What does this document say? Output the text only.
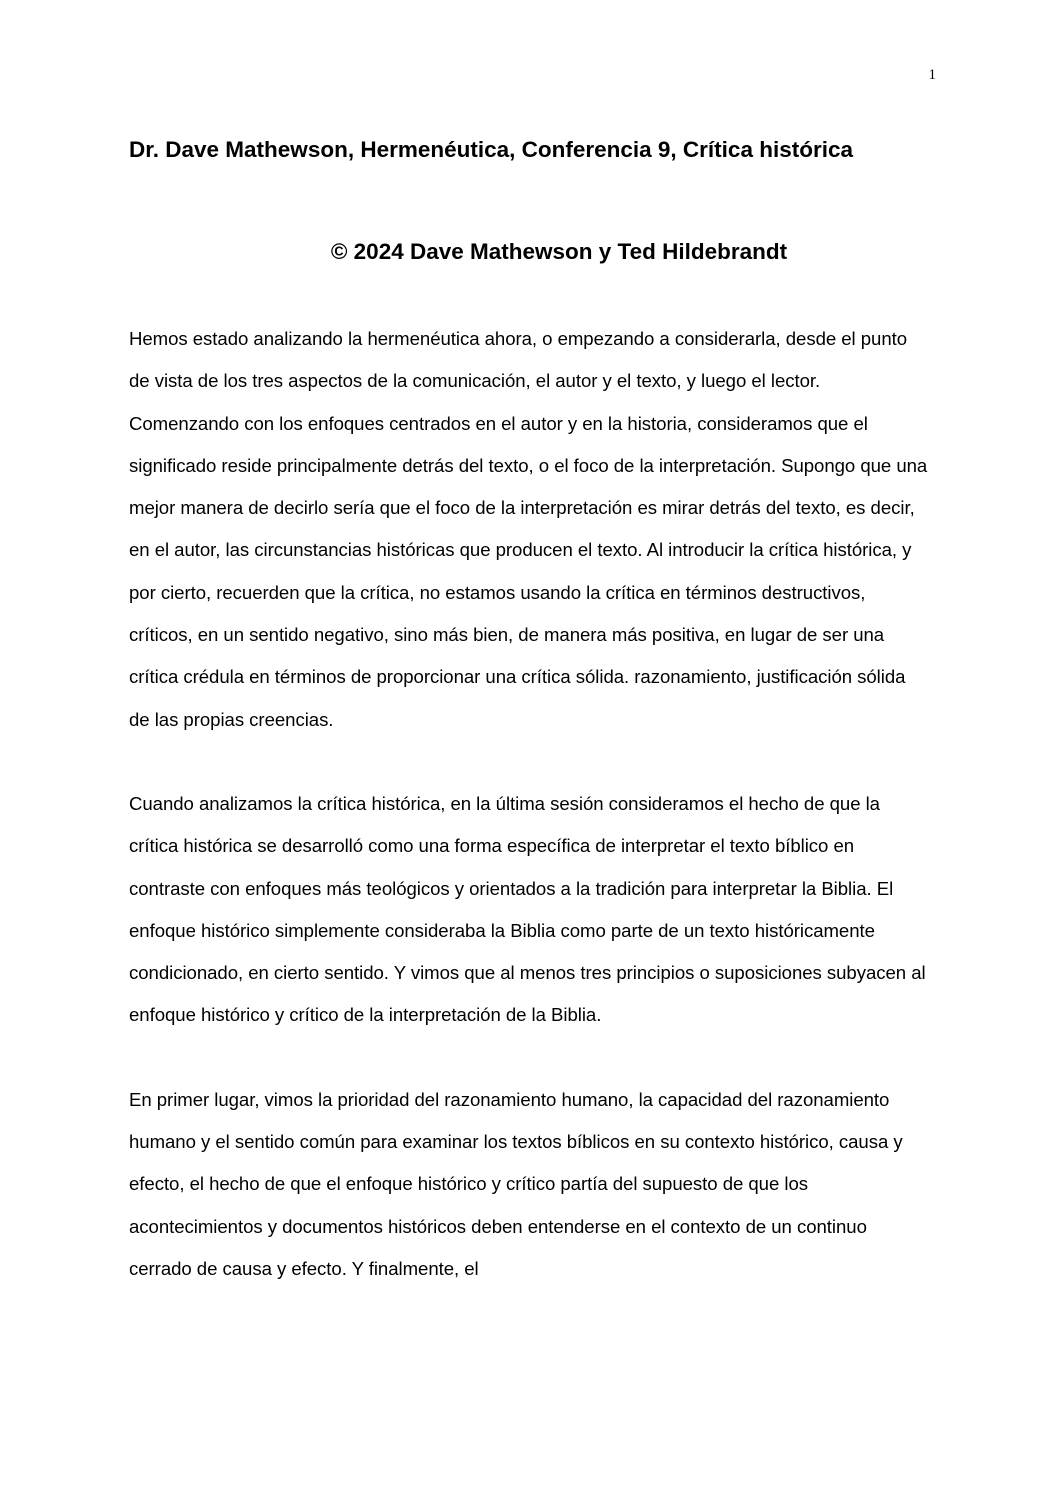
1
Dr. Dave Mathewson, Hermenéutica, Conferencia 9, Crítica histórica
© 2024 Dave Mathewson y Ted Hildebrandt

Hemos estado analizando la hermenéutica ahora, o empezando a considerarla, desde el punto de vista de los tres aspectos de la comunicación, el autor y el texto, y luego el lector. Comenzando con los enfoques centrados en el autor y en la historia, consideramos que el significado reside principalmente detrás del texto, o el foco de la interpretación. Supongo que una mejor manera de decirlo sería que el foco de la interpretación es mirar detrás del texto, es decir, en el autor, las circunstancias históricas que producen el texto. Al introducir la crítica histórica, y por cierto, recuerden que la crítica, no estamos usando la crítica en términos destructivos, críticos, en un sentido negativo, sino más bien, de manera más positiva, en lugar de ser una crítica crédula en términos de proporcionar una crítica sólida. razonamiento, justificación sólida de las propias creencias.

Cuando analizamos la crítica histórica, en la última sesión consideramos el hecho de que la crítica histórica se desarrolló como una forma específica de interpretar el texto bíblico en contraste con enfoques más teológicos y orientados a la tradición para interpretar la Biblia. El enfoque histórico simplemente consideraba la Biblia como parte de un texto históricamente condicionado, en cierto sentido. Y vimos que al menos tres principios o suposiciones subyacen al enfoque histórico y crítico de la interpretación de la Biblia.

En primer lugar, vimos la prioridad del razonamiento humano, la capacidad del razonamiento humano y el sentido común para examinar los textos bíblicos en su contexto histórico, causa y efecto, el hecho de que el enfoque histórico y crítico partía del supuesto de que los acontecimientos y documentos históricos deben entenderse en el contexto de un continuo cerrado de causa y efecto. Y finalmente, el
